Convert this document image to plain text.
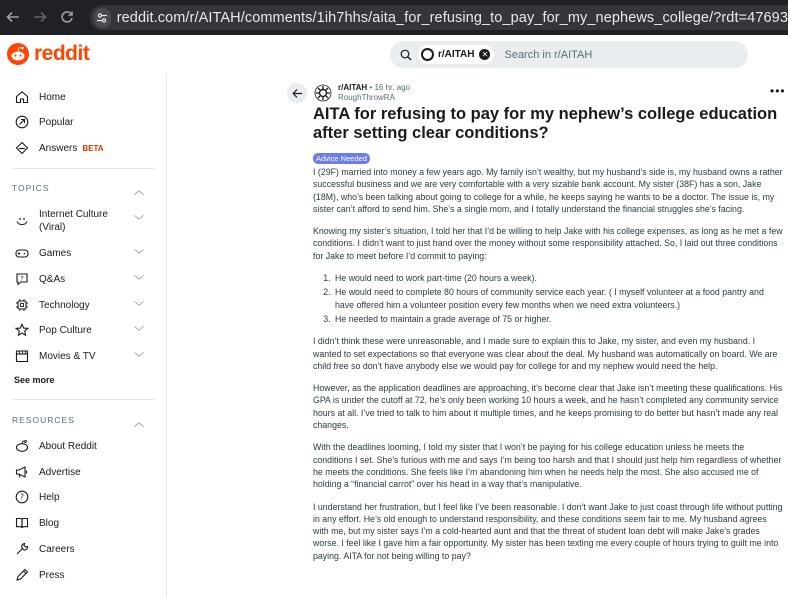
reddit.com/r/AITAH/comments/1ih7hhs/aita_for_refusing_to_pay_for_my_nephews_college/?rdt=47693
reddit	r/AITAH ✕ Search in r/AITAH
Home
Popular
Answers BETA
TOPICS	︿
Internet Culture
(Viral)
﹀
Games	﹀
? Q&As	﹀
Technology	﹀
Pop Culture	﹀
Movies & TV	﹀
See more
RESOURCES	︿
About Reddit
Advertise
? Help
Blog
Careers
Press
r/AITAH • 16 hr. ago
RoughThrowRA	•••
AITA for refusing to pay for my nephew’s college education after setting clear conditions?
Advice Needed

I (29F) married into money a few years ago. My family isn’t wealthy, but my husband’s side is, my husband owns a rather successful business and we are very comfortable with a very sizable bank account. My sister (38F) has a son, Jake (18M), who’s been talking about going to college for a while, he keeps saying he wants to be a doctor. The issue is, my sister can’t afford to send him. She’s a single mom, and I totally understand the financial struggles she’s facing.

Knowing my sister’s situation, I told her that I’d be willing to help Jake with his college expenses, as long as he met a few conditions. I didn’t want to just hand over the money without some responsibility attached. So, I laid out three conditions for Jake to meet before I’d commit to paying:

1. He would need to work part-time (20 hours a week).
2. He would need to complete 80 hours of community service each year. ( I myself volunteer at a food pantry and have offered him a volunteer position every few months when we need extra volunteers.)
3. He needed to maintain a grade average of 75 or higher.

I didn’t think these were unreasonable, and I made sure to explain this to Jake, my sister, and even my husband. I wanted to set expectations so that everyone was clear about the deal. My husband was automatically on board. We are child free so don’t have anybody else we would pay for college for and my nephew would need the help.

However, as the application deadlines are approaching, it’s become clear that Jake isn’t meeting these qualifications. His GPA is under the cutoff at 72, he’s only been working 10 hours a week, and he hasn’t completed any community service hours at all. I’ve tried to talk to him about it multiple times, and he keeps promising to do better but hasn’t made any real changes.

With the deadlines looming, I told my sister that I won’t be paying for his college education unless he meets the conditions I set. She’s furious with me and says I’m being too harsh and that I should just help him regardless of whether he meets the conditions. She feels like I’m abandoning him when he needs help the most. She also accused me of holding a “financial carrot” over his head in a way that’s manipulative.

I understand her frustration, but I feel like I’ve been reasonable. I don’t want Jake to just coast through life without putting in any effort. He’s old enough to understand responsibility, and these conditions seem fair to me. My husband agrees with me, but my sister says I’m a cold-hearted aunt and that the threat of student loan debt will make Jake’s grades worse. I feel like I gave him a fair opportunity. My sister has been texting me every couple of hours trying to guilt me into paying. AITA for not being willing to pay?
